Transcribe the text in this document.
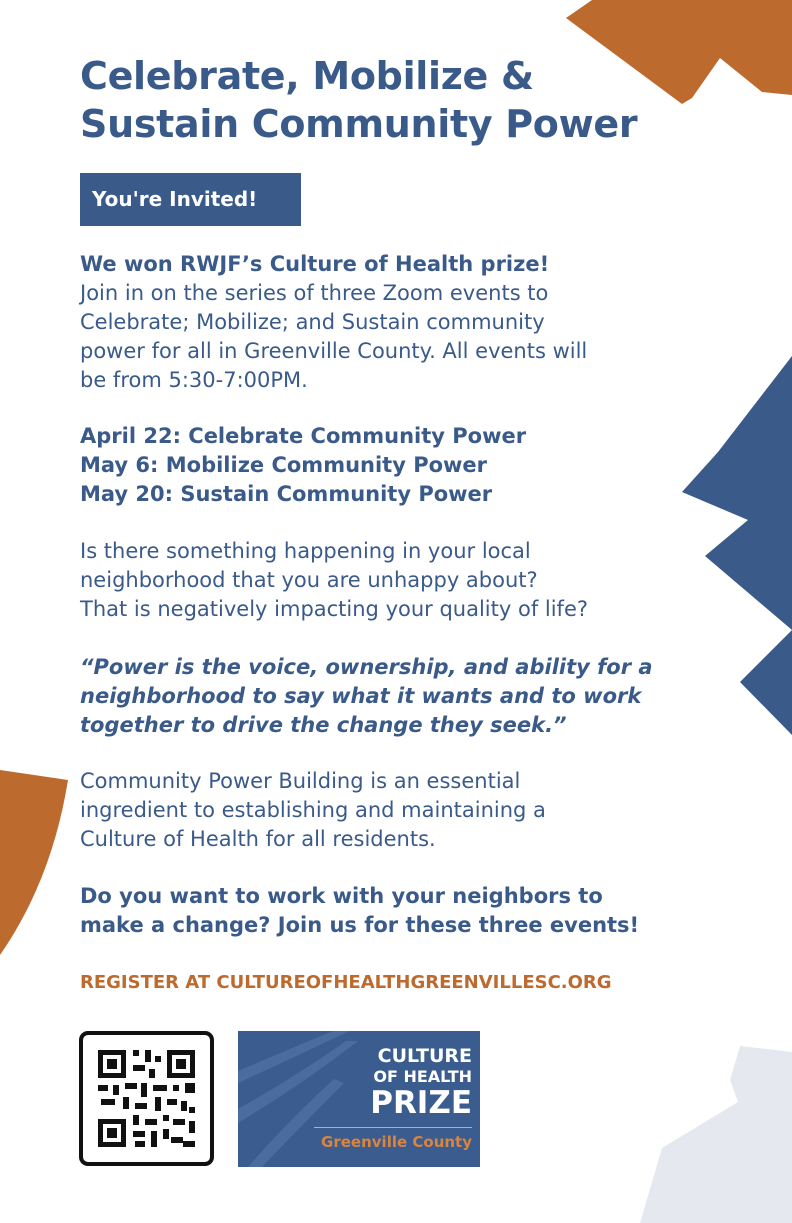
Celebrate, Mobilize &
Sustain Community Power
You're Invited!

We won RWJF’s Culture of Health prize!
Join in on the series of three Zoom events to
Celebrate; Mobilize; and Sustain community
power for all in Greenville County. All events will
be from 5:30-7:00PM.

April 22: Celebrate Community Power
May 6: Mobilize Community Power
May 20: Sustain Community Power

Is there something happening in your local
neighborhood that you are unhappy about?
That is negatively impacting your quality of life?

“Power is the voice, ownership, and ability for a
neighborhood to say what it wants and to work
together to drive the change they seek.”

Community Power Building is an essential
ingredient to establishing and maintaining a
Culture of Health for all residents.

Do you want to work with your neighbors to
make a change? Join us for these three events!

REGISTER AT CULTUREOFHEALTHGREENVILLESC.ORG

CULTURE
OF HEALTH
PRIZE
Greenville County
